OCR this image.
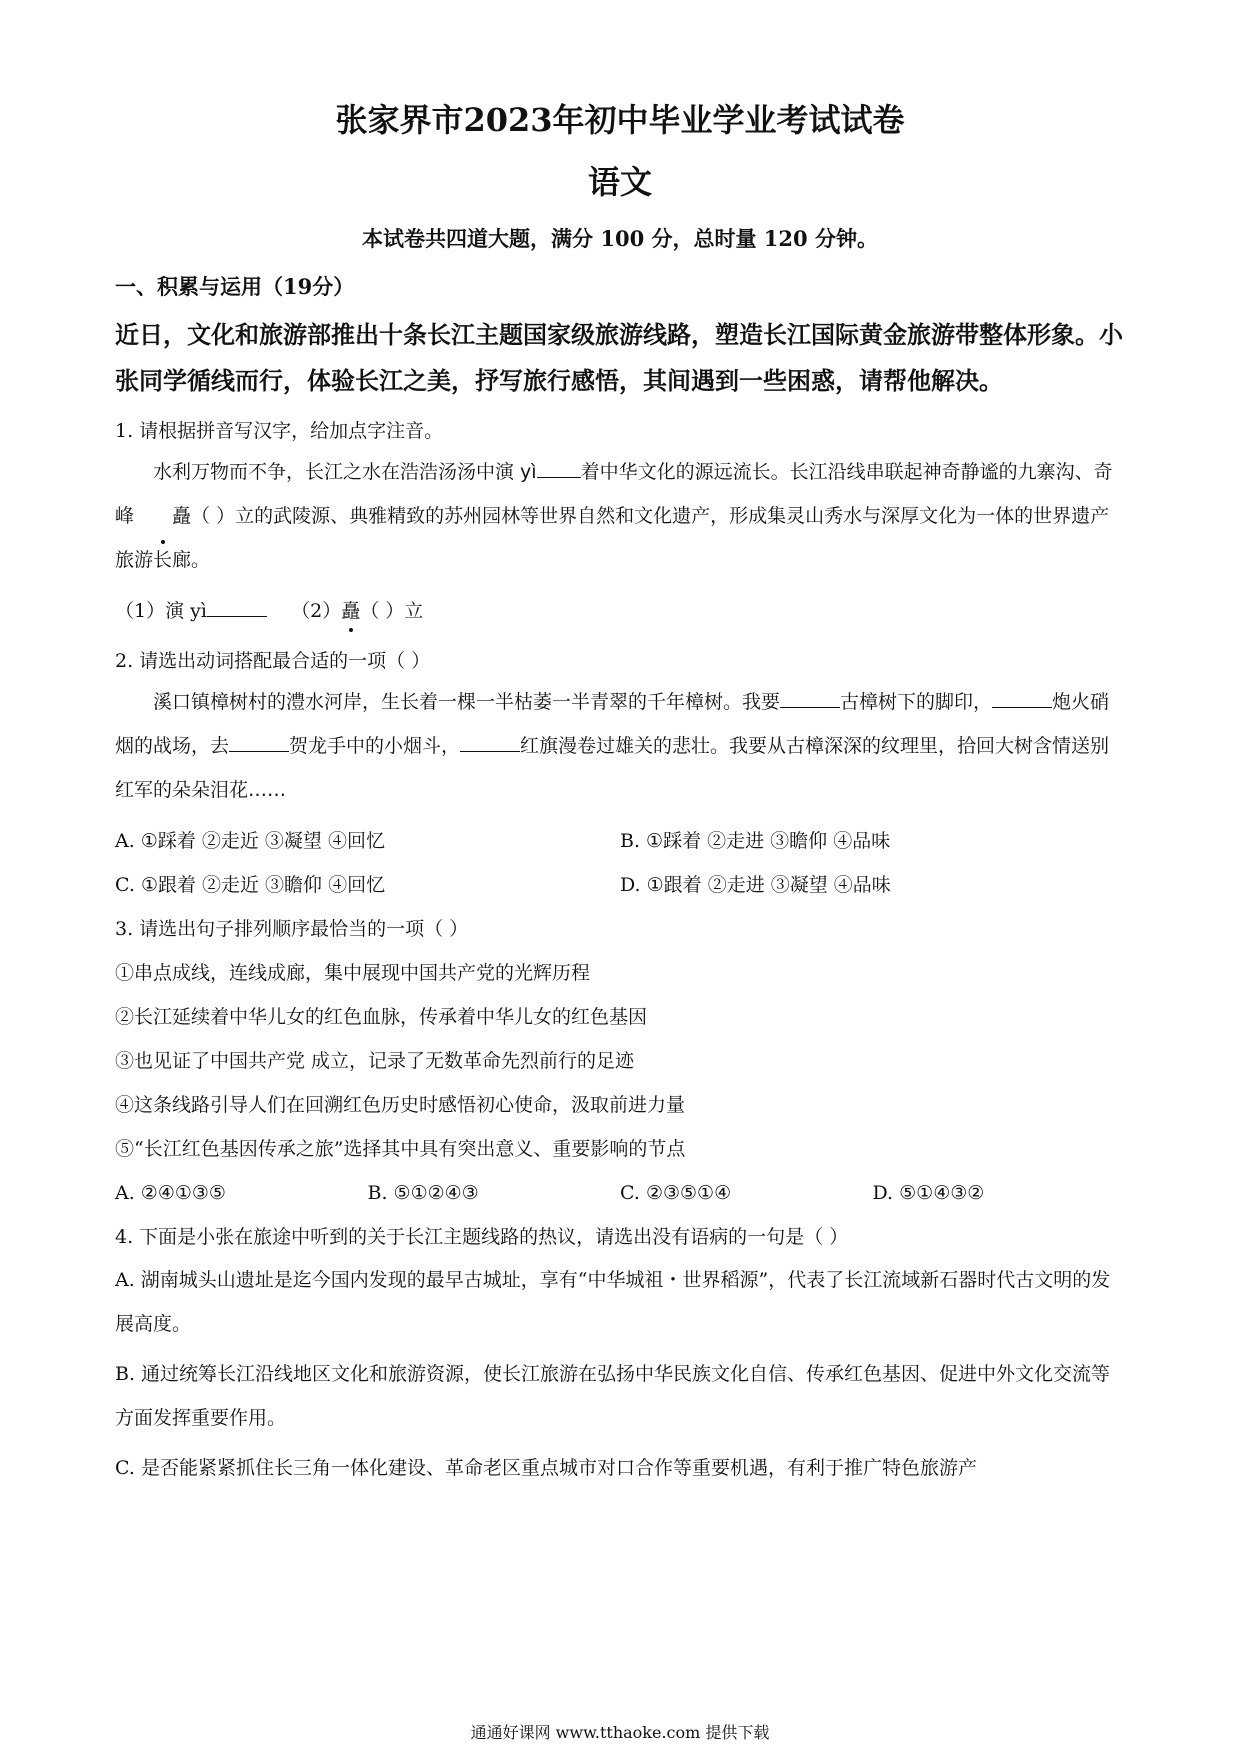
张家界市2023年初中毕业学业考试试卷
语文
本试卷共四道大题，满分 100 分，总时量 120 分钟。
一、积累与运用（19分）
近日，文化和旅游部推出十条长江主题国家级旅游线路，塑造长江国际黄金旅游带整体形象。小张同学循线而行，体验长江之美，抒写旅行感悟，其间遇到一些困惑，请帮他解决。
1. 请根据拼音写汉字，给加点字注音。
水利万物而不争，长江之水在浩浩汤汤中演 yì 着中华文化的源远流长。长江沿线串联起神奇静谧的九寨沟、奇峰 矗（ ）立的武陵源、典雅精致的苏州园林等世界自然和文化遗产，形成集灵山秀水与深厚文化为一体的世界遗产旅游长廊。
（1）演 yì	（2）矗（ ）立
2. 请选出动词搭配最合适的一项（ ）
溪口镇樟树村的澧水河岸，生长着一棵一半枯萎一半青翠的千年樟树。我要	古樟树下的脚印，	炮火硝烟的战场，去	贺龙手中的小烟斗，	红旗漫卷过雄关的悲壮。我要从古樟深深的纹理里，拾回大树含情送别红军的朵朵泪花……
A. ①踩着 ②走近 ③凝望 ④回忆	B. ①踩着 ②走进 ③瞻仰 ④品味
C. ①跟着 ②走近 ③瞻仰 ④回忆	D. ①跟着 ②走进 ③凝望 ④品味
3. 请选出句子排列顺序最恰当的一项（ ）
①串点成线，连线成廊，集中展现中国共产党的光辉历程
②长江延续着中华儿女的红色血脉，传承着中华儿女的红色基因
③也见证了中国共产党 成立，记录了无数革命先烈前行的足迹
④这条线路引导人们在回溯红色历史时感悟初心使命，汲取前进力量
⑤“长江红色基因传承之旅”选择其中具有突出意义、重要影响的节点
A. ②④①③⑤	B. ⑤①②④③	C. ②③⑤①④	D. ⑤①④③②
4. 下面是小张在旅途中听到的关于长江主题线路的热议，请选出没有语病的一句是（ ）
A. 湖南城头山遗址是迄今国内发现的最早古城址，享有“中华城祖・世界稻源”，代表了长江流域新石器时代古文明的发展高度。
B. 通过统筹长江沿线地区文化和旅游资源，使长江旅游在弘扬中华民族文化自信、传承红色基因、促进中外文化交流等方面发挥重要作用。
C. 是否能紧紧抓住长三角一体化建设、革命老区重点城市对口合作等重要机遇，有利于推广特色旅游产
通通好课网 www.tthaoke.com 提供下载
